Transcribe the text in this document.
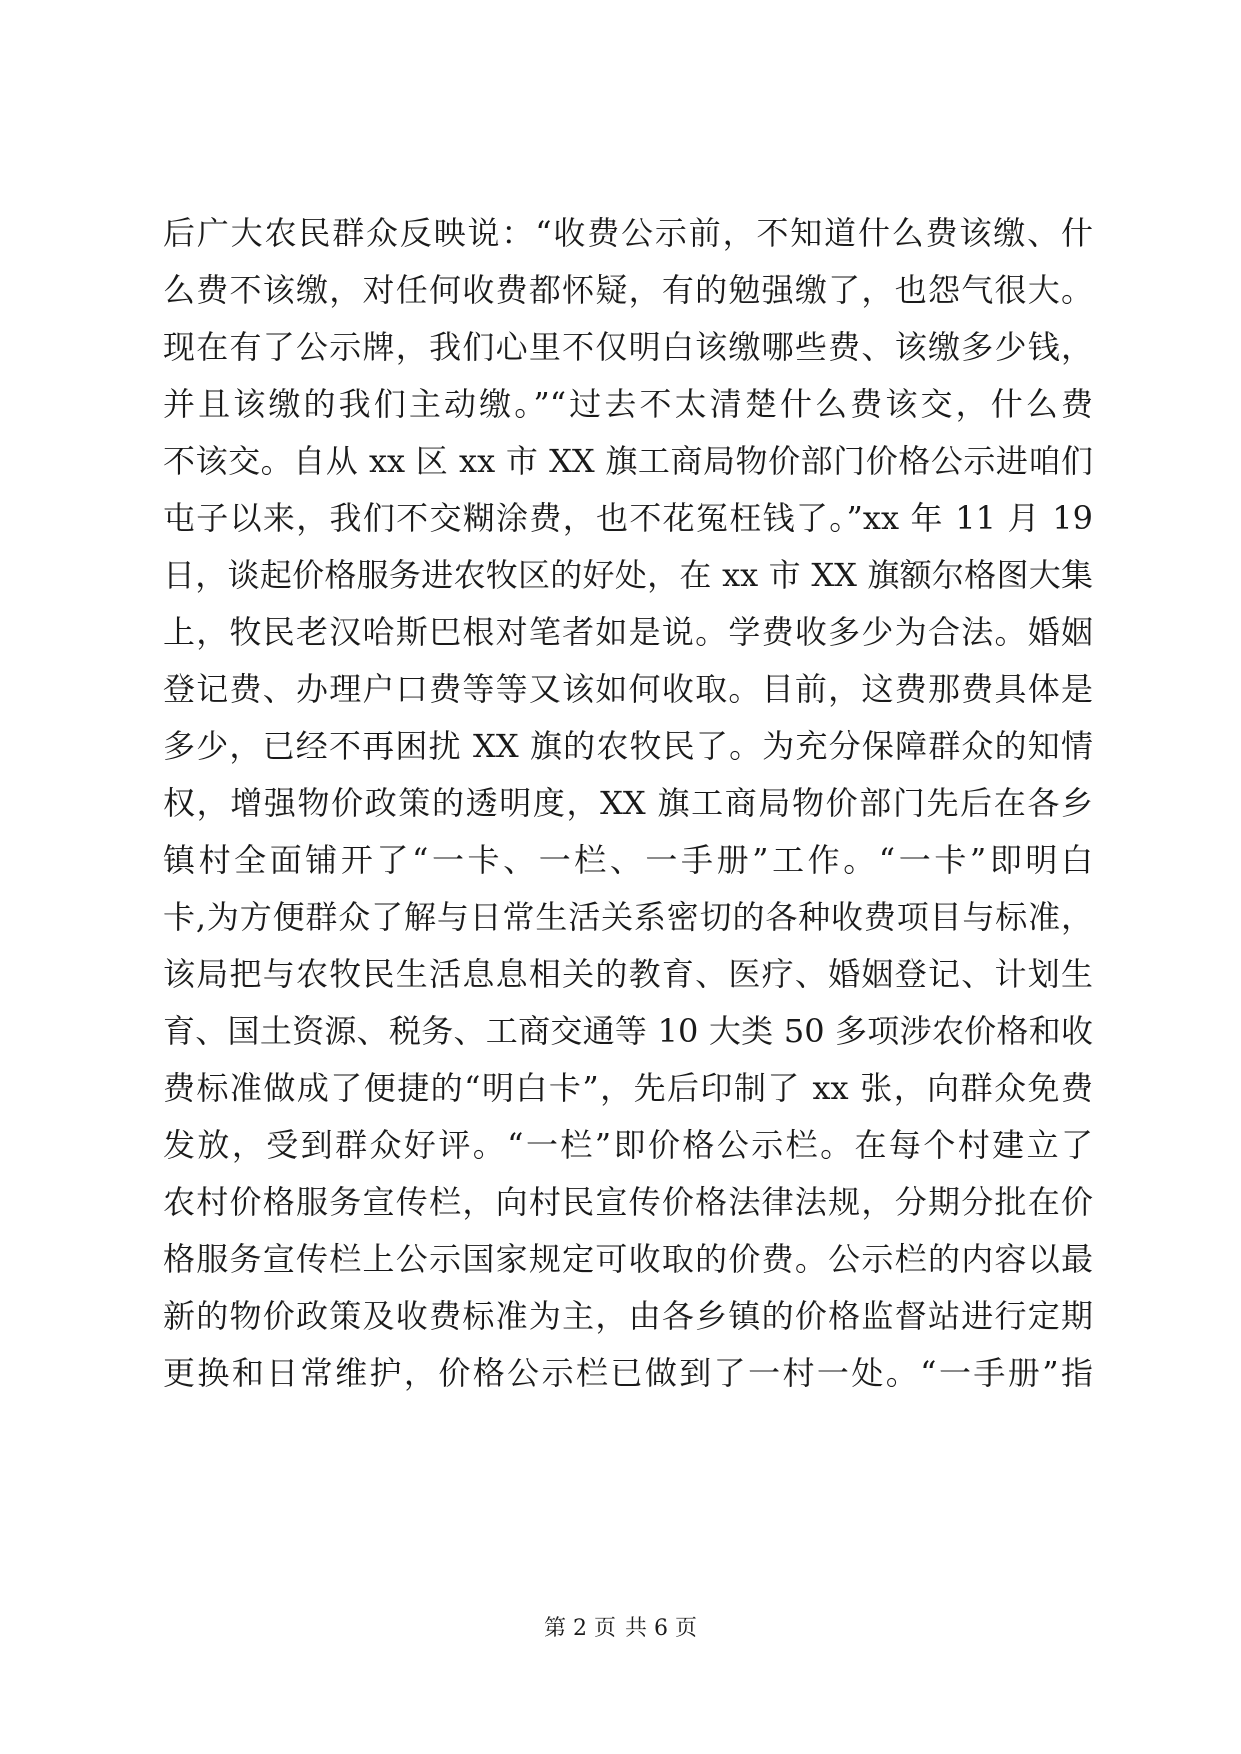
后广大农民群众反映说：“收费公示前，不知道什么费该缴、什
么费不该缴，对任何收费都怀疑，有的勉强缴了，也怨气很大。
现在有了公示牌，我们心里不仅明白该缴哪些费、该缴多少钱，
并且该缴的我们主动缴。”“过去不太清楚什么费该交，什么费
不该交。自从 xx 区 xx 市 XX 旗工商局物价部门价格公示进咱们
屯子以来，我们不交糊涂费，也不花冤枉钱了。”xx 年 11 月 19
日，谈起价格服务进农牧区的好处，在 xx 市 XX 旗额尔格图大集
上，牧民老汉哈斯巴根对笔者如是说。学费收多少为合法。婚姻
登记费、办理户口费等等又该如何收取。目前，这费那费具体是
多少，已经不再困扰 XX 旗的农牧民了。为充分保障群众的知情
权，增强物价政策的透明度，XX 旗工商局物价部门先后在各乡
镇村全面铺开了“一卡、一栏、一手册”工作。“一卡”即明白
卡,为方便群众了解与日常生活关系密切的各种收费项目与标准，
该局把与农牧民生活息息相关的教育、医疗、婚姻登记、计划生
育、国土资源、税务、工商交通等 10 大类 50 多项涉农价格和收
费标准做成了便捷的“明白卡”，先后印制了 xx 张，向群众免费
发放，受到群众好评。“一栏”即价格公示栏。在每个村建立了
农村价格服务宣传栏，向村民宣传价格法律法规，分期分批在价
格服务宣传栏上公示国家规定可收取的价费。公示栏的内容以最
新的物价政策及收费标准为主，由各乡镇的价格监督站进行定期
更换和日常维护，价格公示栏已做到了一村一处。“一手册”指
第 2 页 共 6 页
